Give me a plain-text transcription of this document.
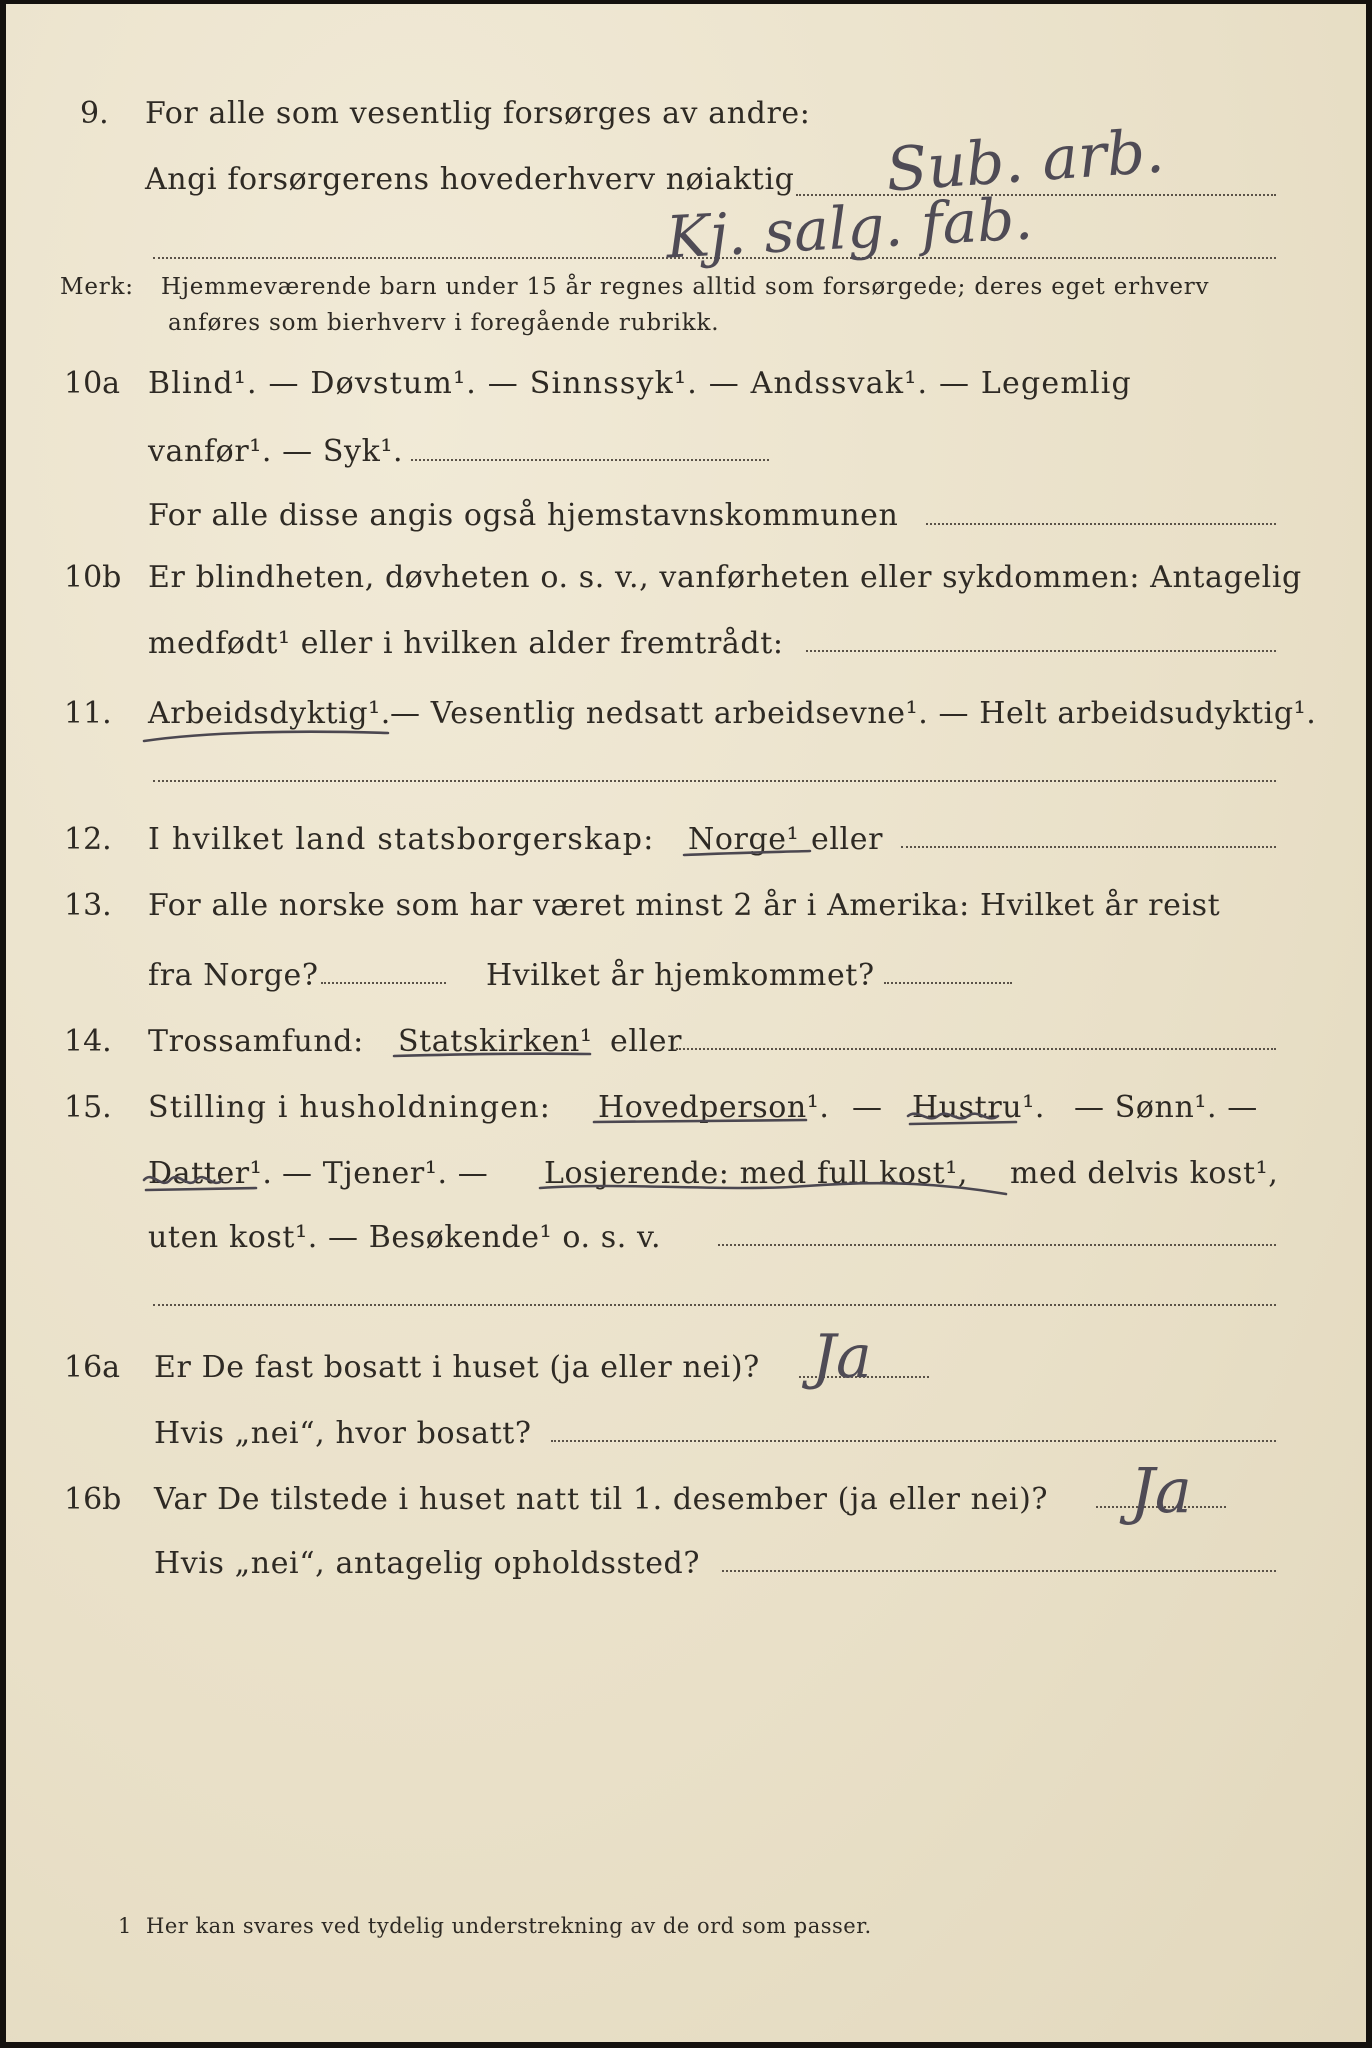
9. For alle som vesentlig forsørges av andre:
Angi forsørgerens hovederhverv nøiaktig Sub. arb.
Kj. salg. fab.
Merk: Hjemmeværende barn under 15 år regnes alltid som forsørgede; deres eget erhverv
anføres som bierhverv i foregående rubrikk.
10a Blind¹. — Døvstum¹. — Sinnssyk¹. — Andssvak¹. — Legemlig
vanfør¹. — Syk¹.
For alle disse angis også hjemstavnskommunen
10b Er blindheten, døvheten o. s. v., vanførheten eller sykdommen: Antagelig
medfødt¹ eller i hvilken alder fremtrådt:
11. Arbeidsdyktig¹. — Vesentlig nedsatt arbeidsevne¹. — Helt arbeidsudyktig¹.
12. I hvilket land statsborgerskap: Norge¹ eller
13. For alle norske som har været minst 2 år i Amerika: Hvilket år reist
fra Norge?	Hvilket år hjemkommet?
14. Trossamfund: Statskirken¹ eller
15. Stilling i husholdningen: Hovedperson¹. — Hustru¹. — Sønn¹. —
Datter¹. — Tjener¹. — Losjerende: med full kost¹, med delvis kost¹,
uten kost¹. — Besøkende¹ o. s. v.
16a Er De fast bosatt i huset (ja eller nei)? Ja
Hvis „nei“, hvor bosatt?
16b Var De tilstede i huset natt til 1. desember (ja eller nei)? Ja
Hvis „nei“, antagelig opholdssted?
1 Her kan svares ved tydelig understrekning av de ord som passer.
